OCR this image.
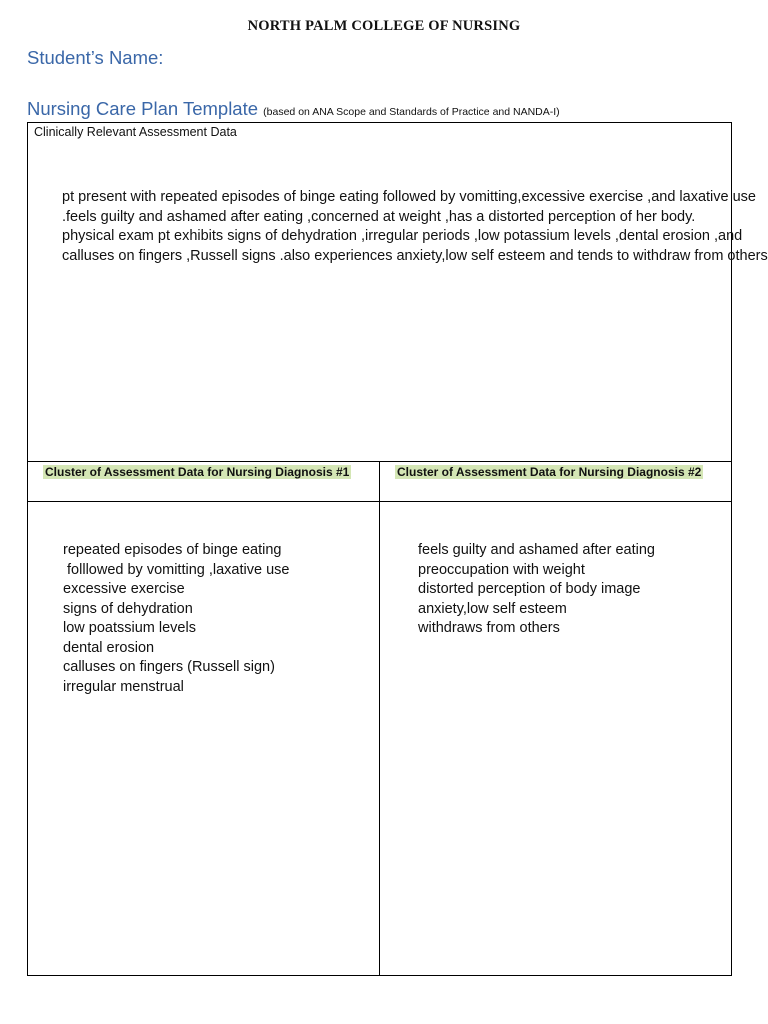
NORTH PALM COLLEGE OF NURSING
Student’s Name:
Nursing Care Plan Template (based on ANA Scope and Standards of Practice and NANDA-I)
Clinically Relevant Assessment Data
pt present with repeated episodes of binge eating followed by vomitting,excessive exercise ,and laxative use .feels guilty and ashamed after eating ,concerned at weight ,has a distorted perception of her body.
physical exam pt exhibits signs of dehydration ,irregular periods ,low potassium levels ,dental erosion ,and calluses on fingers ,Russell signs .also experiences anxiety,low self esteem and tends to withdraw from others
Cluster of Assessment Data for Nursing Diagnosis #1	Cluster of Assessment Data for Nursing Diagnosis #2
repeated episodes of binge eating
folllowed by vomitting ,laxative use
excessive exercise
signs of dehydration
low poatssium levels
dental erosion
calluses on fingers (Russell sign)
irregular menstrual
feels guilty and ashamed after eating
preoccupation with weight
distorted perception of body image
anxiety,low self esteem
withdraws from others
